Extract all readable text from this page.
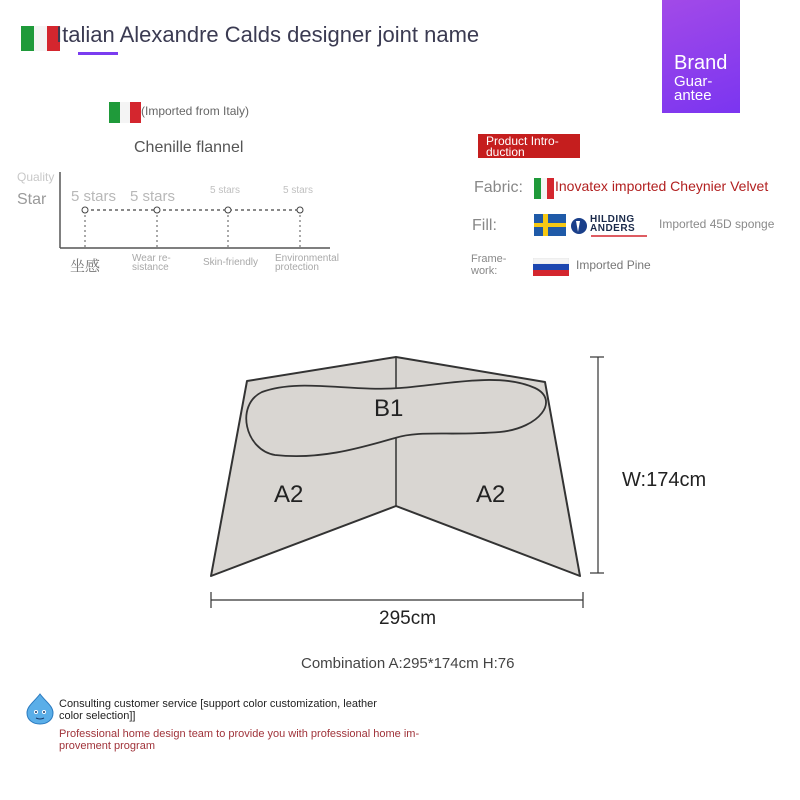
Italian Alexandre Calds designer joint name
Brand
Guar-antee
(Imported from Italy)
Chenille flannel
Quality
Star 5 stars 5 stars	5 stars	5 stars
坐感	Wear re-sistance	Skin-friendly Environmental protection
Product Intro-duction
Fabric: Inovatex imported Cheynier Velvet
Fill:	HILDING ANDERS	Imported 45D sponge
Frame-work:	Imported Pine
B1
A2	A2
W:174cm
295cm
Combination A:295*174cm H:76
Consulting customer service [support color customization, leather color selection]]
Professional home design team to provide you with professional home im-provement program
